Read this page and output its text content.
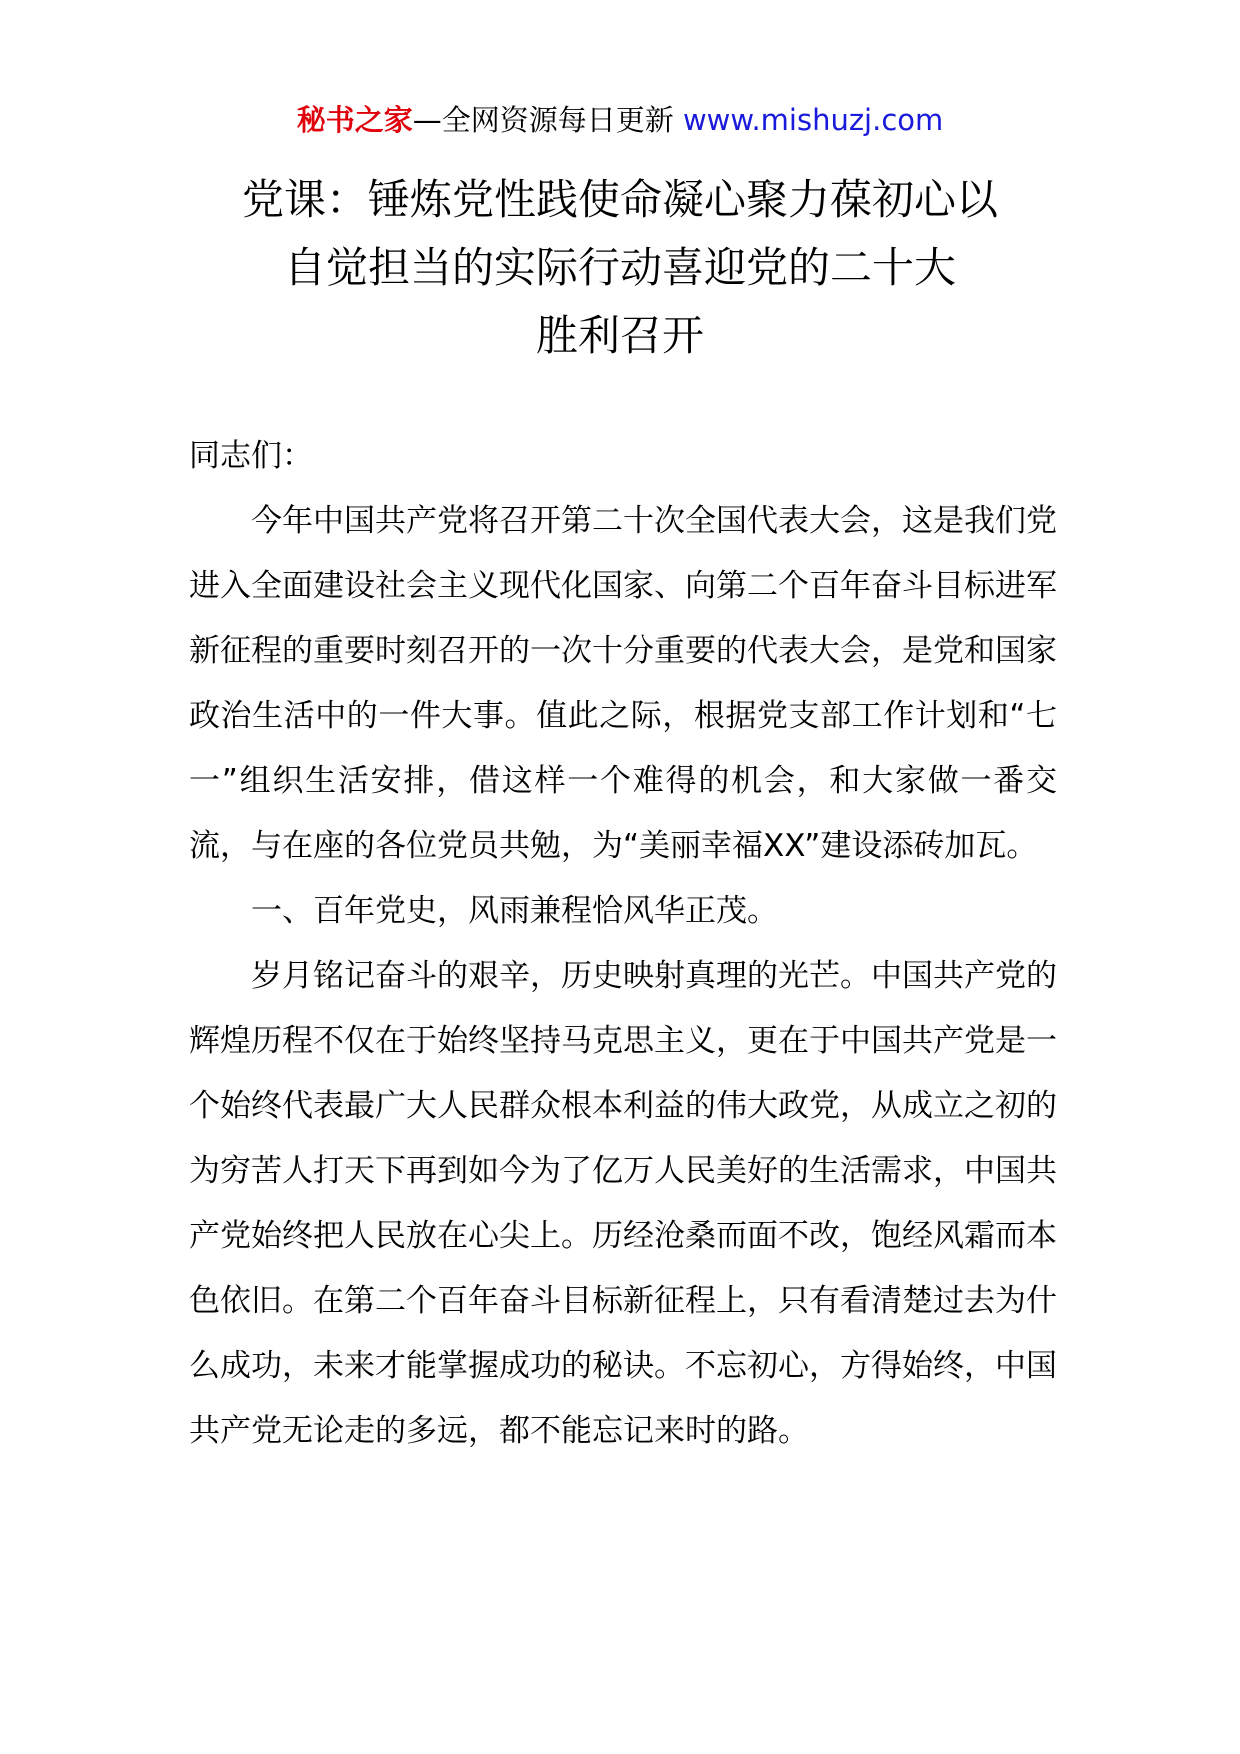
秘书之家—全网资源每日更新 www.mishuzj.com
党课：锤炼党性践使命凝心聚力葆初心以
自觉担当的实际行动喜迎党的二十大
胜利召开

同志们：

今年中国共产党将召开第二十次全国代表大会，这是我们党进入全面建设社会主义现代化国家、向第二个百年奋斗目标进军新征程的重要时刻召开的一次十分重要的代表大会，是党和国家政治生活中的一件大事。值此之际，根据党支部工作计划和“七一”组织生活安排，借这样一个难得的机会，和大家做一番交流，与在座的各位党员共勉，为“美丽幸福XX”建设添砖加瓦。

一、百年党史，风雨兼程恰风华正茂。

岁月铭记奋斗的艰辛，历史映射真理的光芒。中国共产党的辉煌历程不仅在于始终坚持马克思主义，更在于中国共产党是一个始终代表最广大人民群众根本利益的伟大政党，从成立之初的为穷苦人打天下再到如今为了亿万人民美好的生活需求，中国共产党始终把人民放在心尖上。历经沧桑而面不改，饱经风霜而本色依旧。在第二个百年奋斗目标新征程上，只有看清楚过去为什么成功，未来才能掌握成功的秘诀。不忘初心，方得始终，中国共产党无论走的多远，都不能忘记来时的路。
